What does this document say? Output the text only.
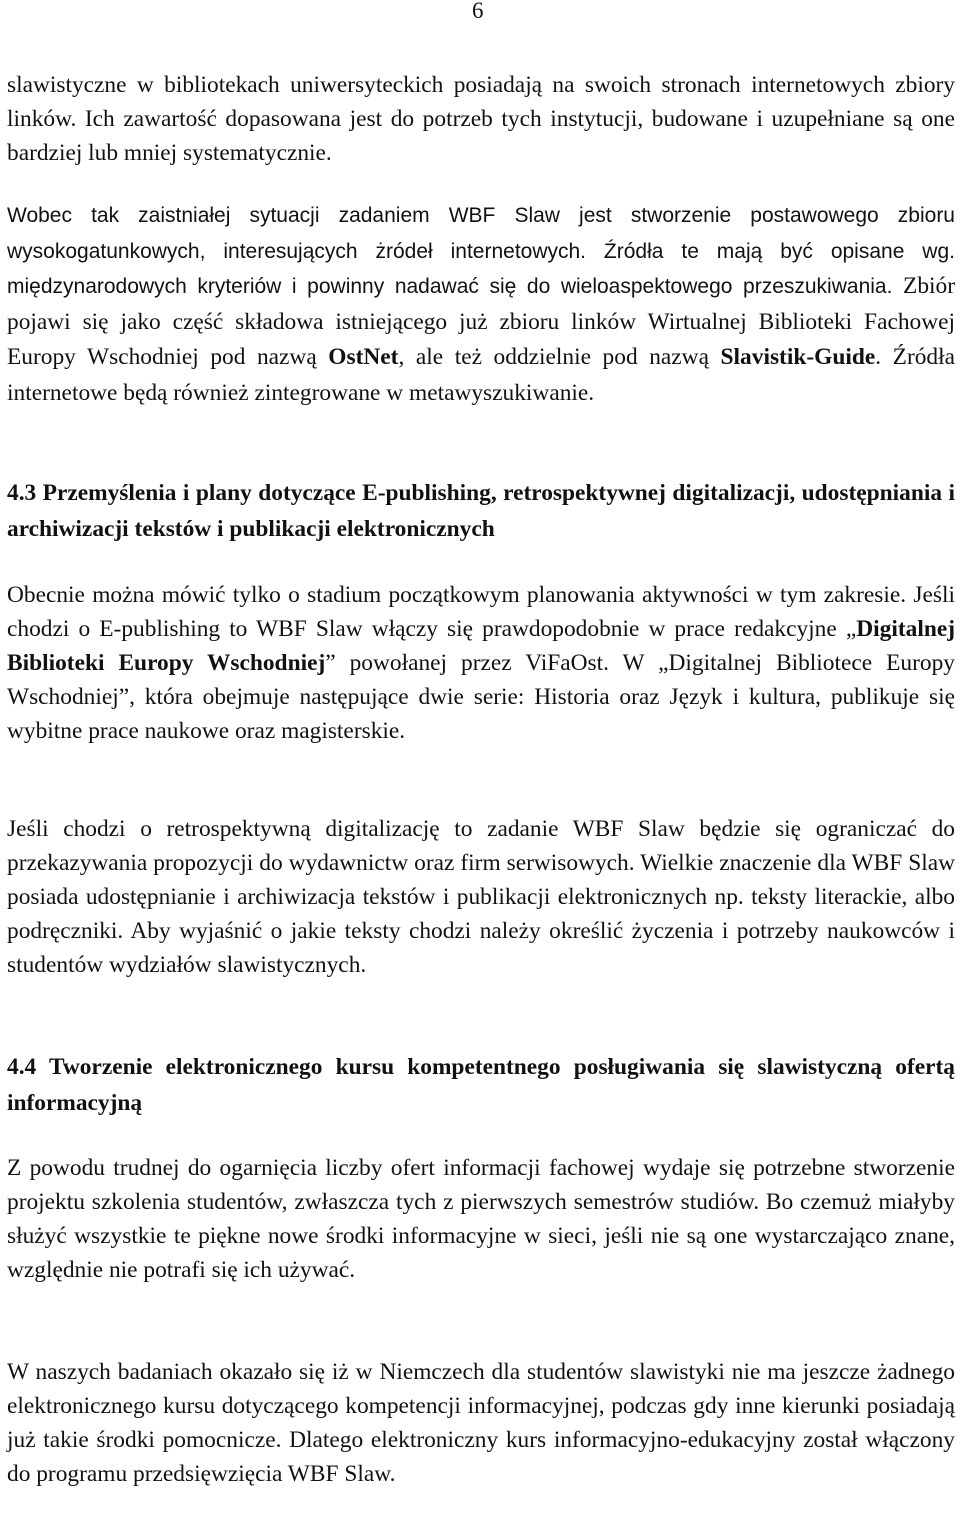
6

slawistyczne w bibliotekach uniwersyteckich posiadają na swoich stronach internetowych zbiory linków. Ich zawartość dopasowana jest do potrzeb tych instytucji, budowane i uzupełniane są one bardziej lub mniej systematycznie.

Wobec tak zaistniałej sytuacji zadaniem WBF Slaw jest stworzenie postawowego zbioru wysokogatunkowych, interesujących żródeł internetowych. Źródła te mają być opisane wg. międzynarodowych kryteriów i powinny nadawać się do wieloaspektowego przeszukiwania. Zbiór pojawi się jako część składowa istniejącego już zbioru linków Wirtualnej Biblioteki Fachowej Europy Wschodniej pod nazwą OstNet, ale też oddzielnie pod nazwą Slavistik-Guide. Źródła internetowe będą również zintegrowane w metawyszukiwanie.

4.3 Przemyślenia i plany dotyczące E-publishing, retrospektywnej digitalizacji, udostępniania i archiwizacji tekstów i publikacji elektronicznych

Obecnie można mówić tylko o stadium początkowym planowania aktywności w tym zakresie. Jeśli chodzi o E-publishing to WBF Slaw włączy się prawdopodobnie w prace redakcyjne „Digitalnej Biblioteki Europy Wschodniej” powołanej przez ViFaOst. W „Digitalnej Bibliotece Europy Wschodniej”, która obejmuje następujące dwie serie: Historia oraz Język i kultura, publikuje się wybitne prace naukowe oraz magisterskie.

Jeśli chodzi o retrospektywną digitalizację to zadanie WBF Slaw będzie się ograniczać do przekazywania propozycji do wydawnictw oraz firm serwisowych. Wielkie znaczenie dla WBF Slaw posiada udostępnianie i archiwizacja tekstów i publikacji elektronicznych np. teksty literackie, albo podręczniki. Aby wyjaśnić o jakie teksty chodzi należy określić życzenia i potrzeby naukowców i studentów wydziałów slawistycznych.

4.4 Tworzenie elektronicznego kursu kompetentnego posługiwania się slawistyczną ofertą informacyjną

Z powodu trudnej do ogarnięcia liczby ofert informacji fachowej wydaje się potrzebne stworzenie projektu szkolenia studentów, zwłaszcza tych z pierwszych semestrów studiów. Bo czemuż miałyby służyć wszystkie te piękne nowe środki informacyjne w sieci, jeśli nie są one wystarczająco znane, względnie nie potrafi się ich używać.

W naszych badaniach okazało się iż w Niemczech dla studentów slawistyki nie ma jeszcze żadnego elektronicznego kursu dotyczącego kompetencji informacyjnej, podczas gdy inne kierunki posiadają już takie środki pomocnicze. Dlatego elektroniczny kurs informacyjno-edukacyjny został włączony do programu przedsięwzięcia WBF Slaw.
